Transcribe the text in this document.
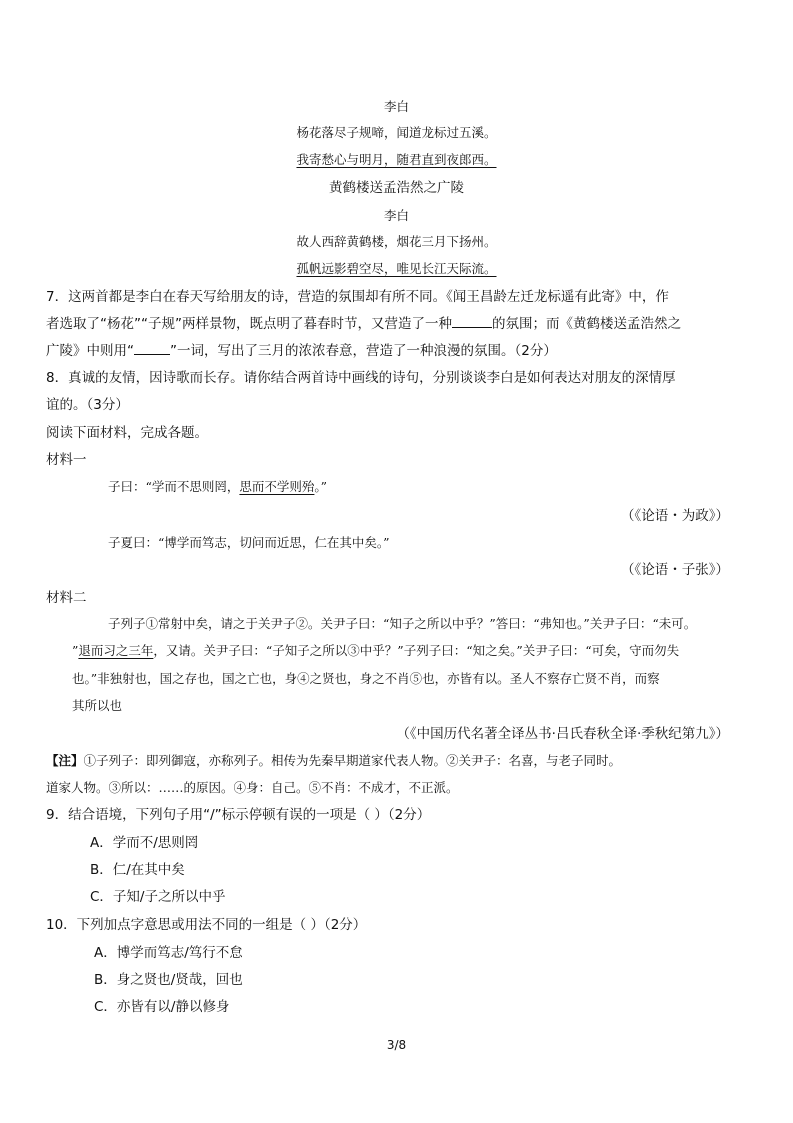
李白
杨花落尽子规啼，闻道龙标过五溪。
我寄愁心与明月，随君直到夜郎西。
黄鹤楼送孟浩然之广陵
李白
故人西辞黄鹤楼，烟花三月下扬州。
孤帆远影碧空尽，唯见长江天际流。
7．这两首都是李白在春天写给朋友的诗，营造的氛围却有所不同。《闻王昌龄左迁龙标遥有此寄》中，作
者选取了“杨花”“子规”两样景物，既点明了暮春时节，又营造了一种	的氛围；而《黄鹤楼送孟浩然之
广陵》中则用“	”一词，写出了三月的浓浓春意，营造了一种浪漫的氛围。（2分）
8．真诚的友情，因诗歌而长存。请你结合两首诗中画线的诗句，分别谈谈李白是如何表达对朋友的深情厚
谊的。（3分）
阅读下面材料，完成各题。
材料一
子曰：“学而不思则罔，思而不学则殆。”
（《论语・为政》）
子夏曰：“博学而笃志，切问而近思，仁在其中矣。”
（《论语・子张》）
材料二
子列子①常射中矣，请之于关尹子②。关尹子曰：“知子之所以中乎？”答曰：“弗知也。”关尹子曰：“未可。
”退而习之三年，又请。关尹子曰：“子知子之所以③中乎？”子列子曰：“知之矣。”关尹子曰：“可矣，守而勿失
也。”非独射也，国之存也，国之亡也，身④之贤也，身之不肖⑤也，亦皆有以。圣人不察存亡贤不肖，而察
其所以也
（《中国历代名著全译丛书·吕氏春秋全译·季秋纪第九》）
【注】①子列子：即列御寇，亦称列子。相传为先秦早期道家代表人物。②关尹子：名喜，与老子同时。
道家人物。③所以：……的原因。④身：自己。⑤不肖：不成才，不正派。
9．结合语境，下列句子用“/”标示停顿有误的一项是（ ）（2分）
A．学而不/思则罔
B．仁/在其中矣
C．子知/子之所以中乎
10．下列加点字意思或用法不同的一组是（ ）（2分）
A．博学而笃志/笃行不怠
B．身之贤也/贤哉，回也
C．亦皆有以/静以修身
3/8
